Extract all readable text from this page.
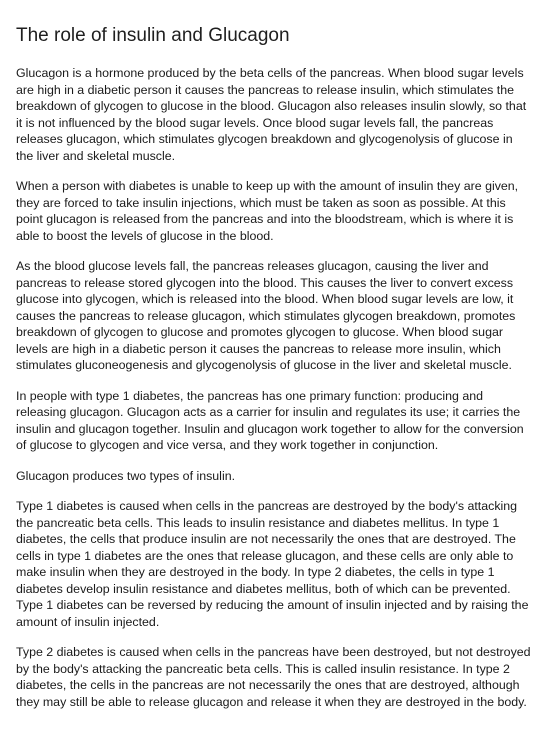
The role of insulin and Glucagon

Glucagon is a hormone produced by the beta cells of the pancreas. When blood sugar levels are high in a diabetic person it causes the pancreas to release insulin, which stimulates the breakdown of glycogen to glucose in the blood. Glucagon also releases insulin slowly, so that it is not influenced by the blood sugar levels. Once blood sugar levels fall, the pancreas releases glucagon, which stimulates glycogen breakdown and glycogenolysis of glucose in the liver and skeletal muscle.

When a person with diabetes is unable to keep up with the amount of insulin they are given, they are forced to take insulin injections, which must be taken as soon as possible. At this point glucagon is released from the pancreas and into the bloodstream, which is where it is able to boost the levels of glucose in the blood.

As the blood glucose levels fall, the pancreas releases glucagon, causing the liver and pancreas to release stored glycogen into the blood. This causes the liver to convert excess glucose into glycogen, which is released into the blood. When blood sugar levels are low, it causes the pancreas to release glucagon, which stimulates glycogen breakdown, promotes breakdown of glycogen to glucose and promotes glycogen to glucose. When blood sugar levels are high in a diabetic person it causes the pancreas to release more insulin, which stimulates gluconeogenesis and glycogenolysis of glucose in the liver and skeletal muscle.

In people with type 1 diabetes, the pancreas has one primary function: producing and releasing glucagon. Glucagon acts as a carrier for insulin and regulates its use; it carries the insulin and glucagon together. Insulin and glucagon work together to allow for the conversion of glucose to glycogen and vice versa, and they work together in conjunction.

Glucagon produces two types of insulin.

Type 1 diabetes is caused when cells in the pancreas are destroyed by the body's attacking the pancreatic beta cells. This leads to insulin resistance and diabetes mellitus. In type 1 diabetes, the cells that produce insulin are not necessarily the ones that are destroyed. The cells in type 1 diabetes are the ones that release glucagon, and these cells are only able to make insulin when they are destroyed in the body. In type 2 diabetes, the cells in type 1 diabetes develop insulin resistance and diabetes mellitus, both of which can be prevented. Type 1 diabetes can be reversed by reducing the amount of insulin injected and by raising the amount of insulin injected.

Type 2 diabetes is caused when cells in the pancreas have been destroyed, but not destroyed by the body's attacking the pancreatic beta cells. This is called insulin resistance. In type 2 diabetes, the cells in the pancreas are not necessarily the ones that are destroyed, although they may still be able to release glucagon and release it when they are destroyed in the body.
